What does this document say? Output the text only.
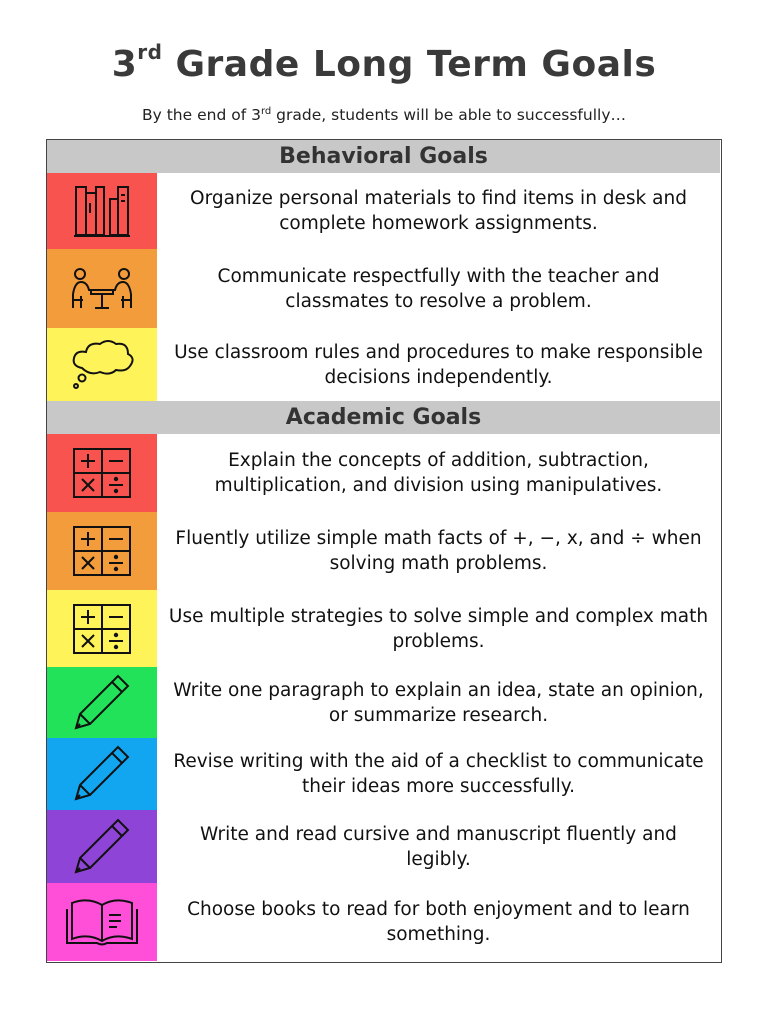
3rd Grade Long Term Goals
By the end of 3rd grade, students will be able to successfully…
Behavioral Goals
Organize personal materials to find items in desk and complete homework assignments.
Communicate respectfully with the teacher and classmates to resolve a problem.
Use classroom rules and procedures to make responsible decisions independently.
Academic Goals
Explain the concepts of addition, subtraction, multiplication, and division using manipulatives.
Fluently utilize simple math facts of +, −, x, and ÷ when solving math problems.
Use multiple strategies to solve simple and complex math problems.
Write one paragraph to explain an idea, state an opinion, or summarize research.
Revise writing with the aid of a checklist to communicate their ideas more successfully.
Write and read cursive and manuscript fluently and legibly.
Choose books to read for both enjoyment and to learn something.
